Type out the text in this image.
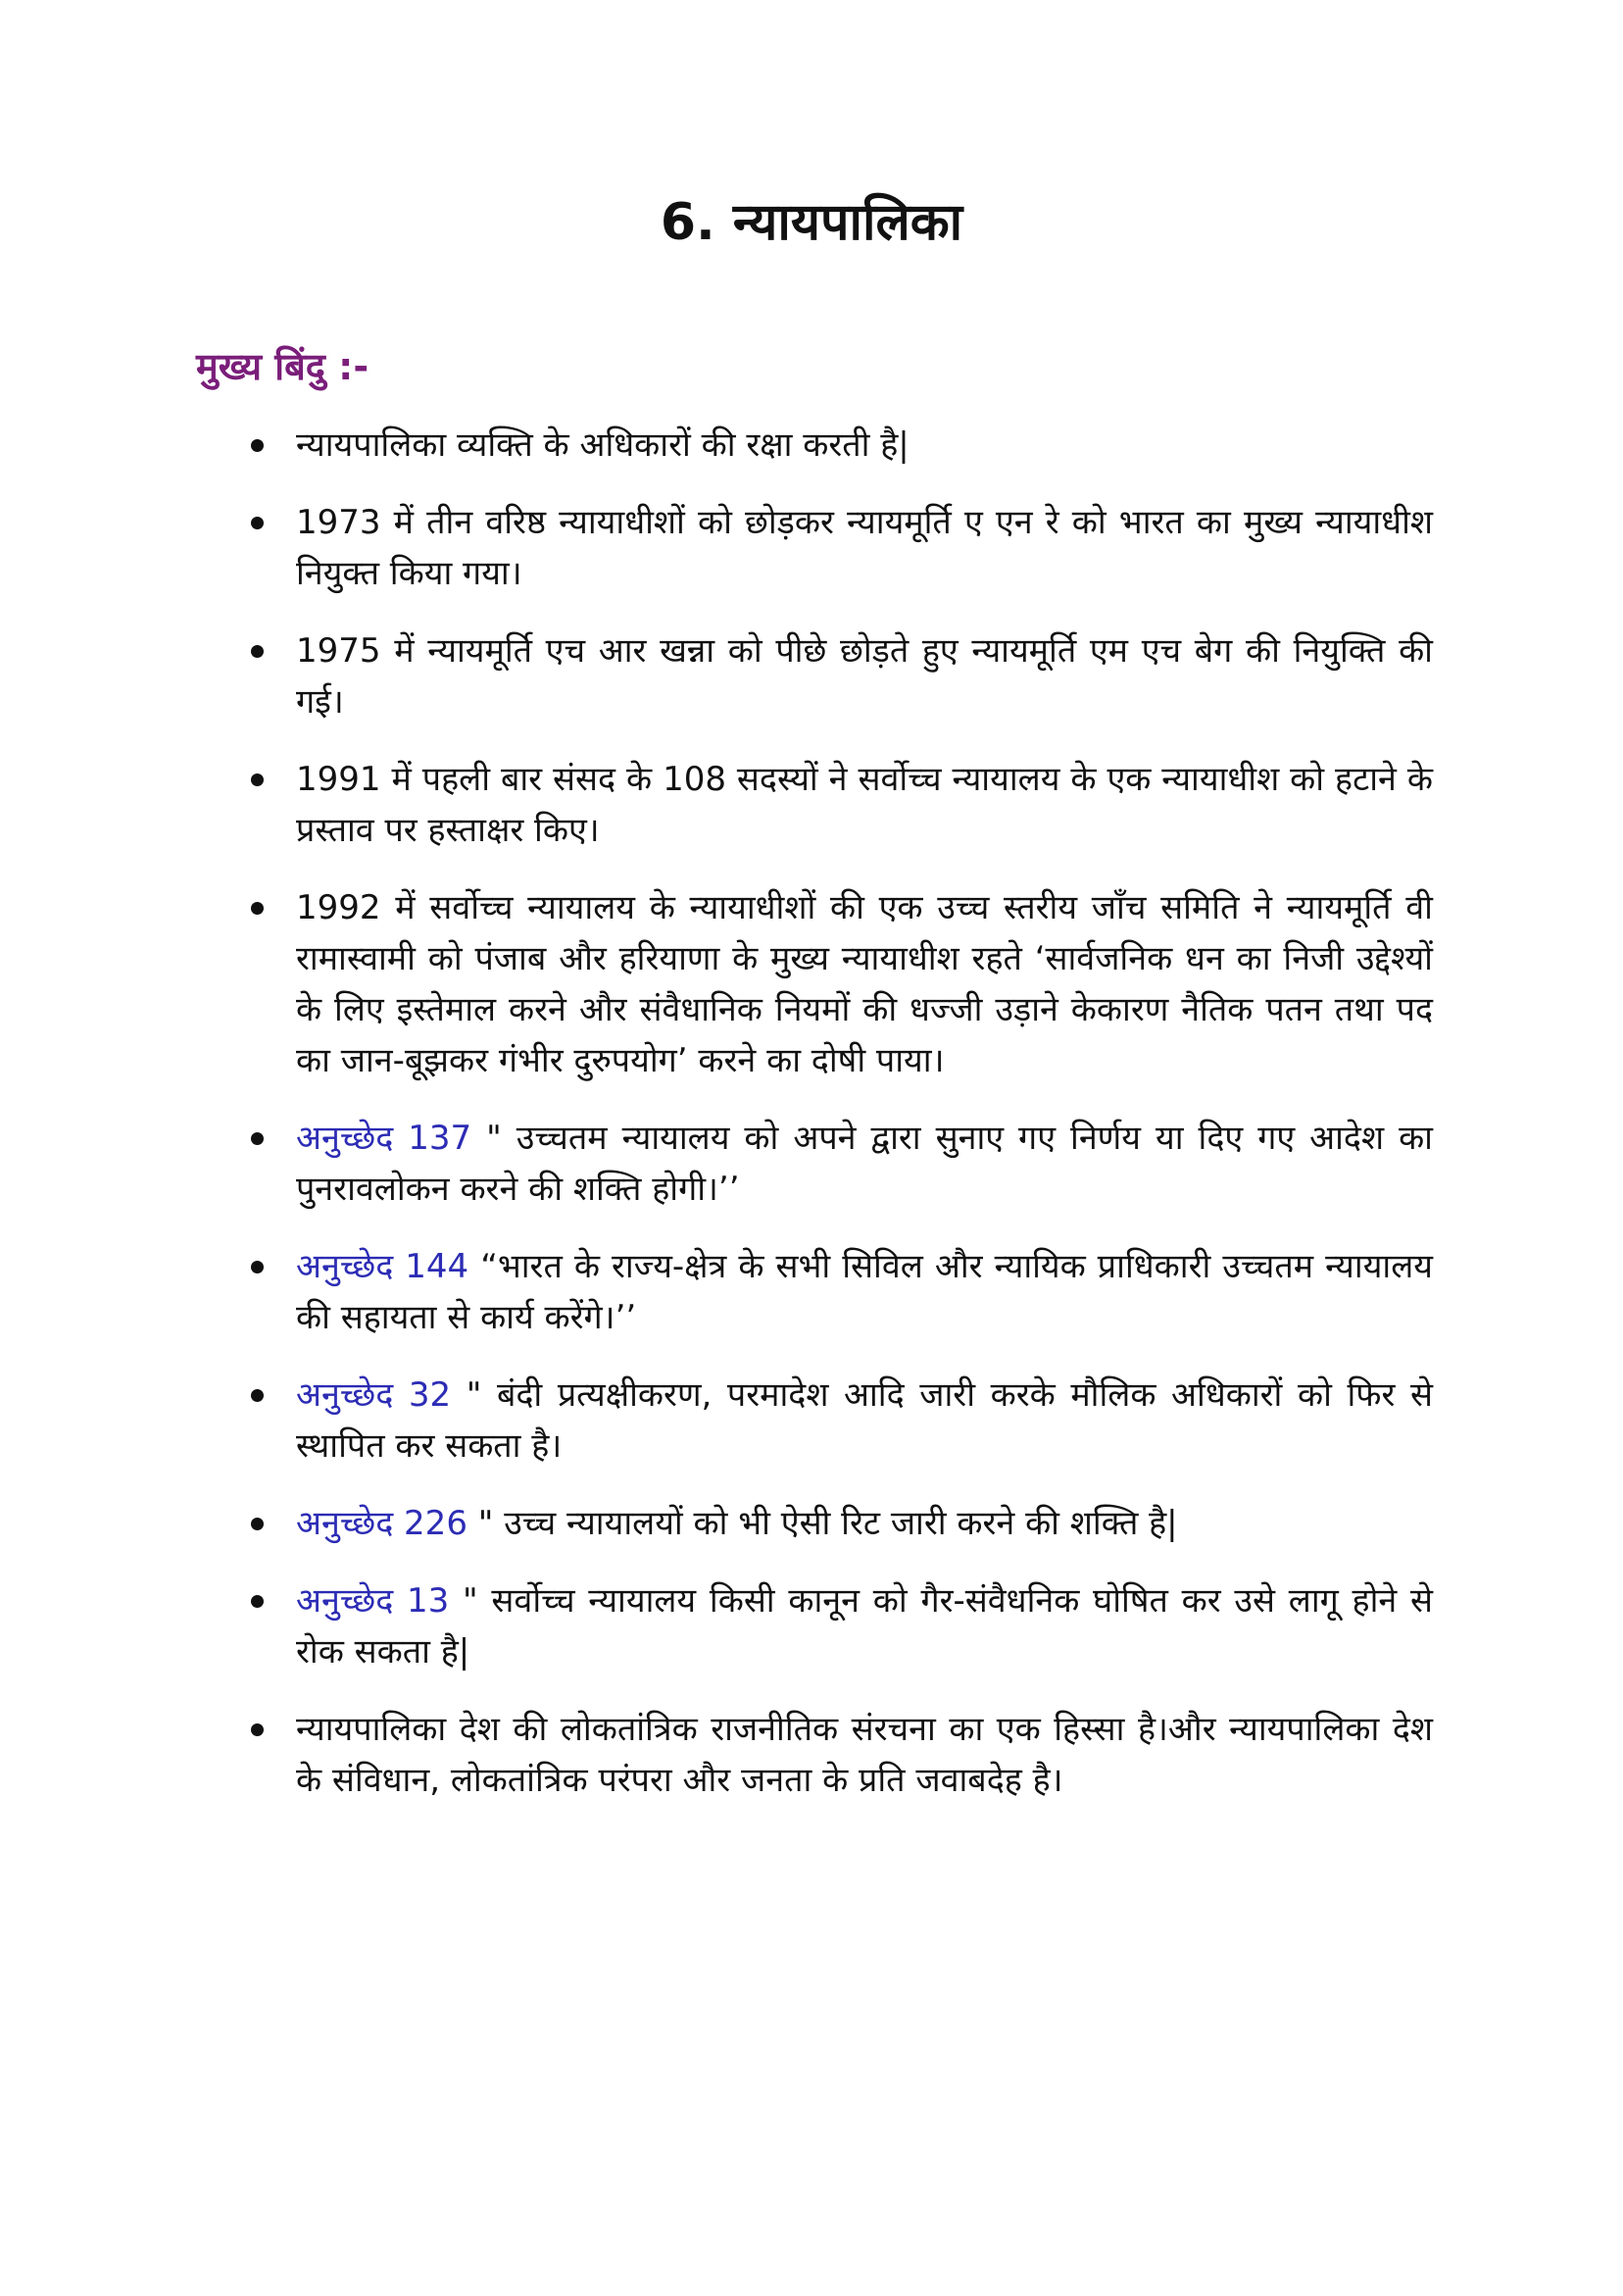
6. न्यायपालिका
मुख्य बिंदु :-
न्यायपालिका व्यक्ति के अधिकारों की रक्षा करती है|
1973 में तीन वरिष्ठ न्यायाधीशों को छोड़कर न्यायमूर्ति ए एन रे को भारत का मुख्य न्यायाधीश नियुक्त किया गया।
1975 में न्यायमूर्ति एच आर खन्ना को पीछे छोड़ते हुए न्यायमूर्ति एम एच बेग की नियुक्ति की गई।
1991 में पहली बार संसद के 108 सदस्यों ने सर्वोच्च न्यायालय के एक न्यायाधीश को हटाने के प्रस्ताव पर हस्ताक्षर किए।
1992 में सर्वोच्च न्यायालय के न्यायाधीशों की एक उच्च स्तरीय जाँच समिति ने न्यायमूर्ति वी रामास्वामी को पंजाब और हरियाणा के मुख्य न्यायाधीश रहते ‘सार्वजनिक धन का निजी उद्देश्यों के लिए इस्तेमाल करने और संवैधानिक नियमों की धज्जी उड़ाने केकारण नैतिक पतन तथा पद का जान-बूझकर गंभीर दुरुपयोग’ करने का दोषी पाया।
अनुच्छेद 137 " उच्चतम न्यायालय को अपने द्वारा सुनाए गए निर्णय या दिए गए आदेश का पुनरावलोकन करने की शक्ति होगी।’’
अनुच्छेद 144 “भारत के राज्य-क्षेत्र के सभी सिविल और न्यायिक प्राधिकारी उच्चतम न्यायालय की सहायता से कार्य करेंगे।’’
अनुच्छेद 32 " बंदी प्रत्यक्षीकरण, परमादेश आदि जारी करके मौलिक अधिकारों को फिर से स्थापित कर सकता है।
अनुच्छेद 226 " उच्च न्यायालयों को भी ऐसी रिट जारी करने की शक्ति है|
अनुच्छेद 13 " सर्वोच्च न्यायालय किसी कानून को गैर-संवैधनिक घोषित कर उसे लागू होने से रोक सकता है|
न्यायपालिका देश की लोकतांत्रिक राजनीतिक संरचना का एक हिस्सा है।और न्यायपालिका देश के संविधान, लोकतांत्रिक परंपरा और जनता के प्रति जवाबदेह है।
